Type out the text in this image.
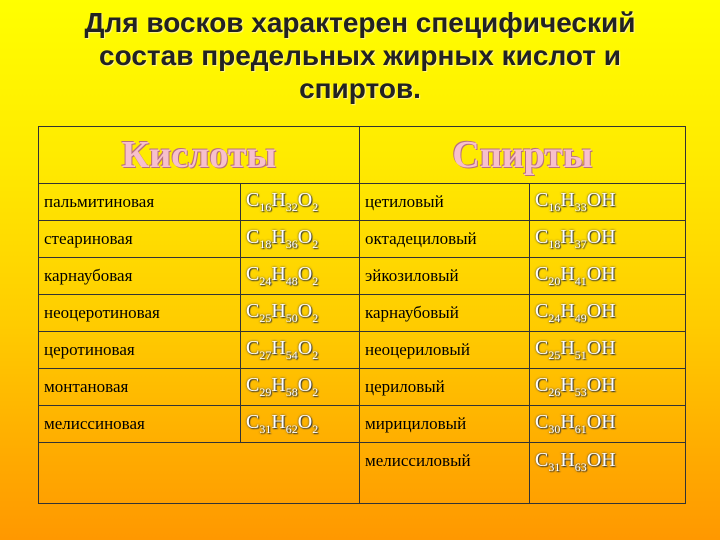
Для восков характерен специфический состав предельных жирных кислот и спиртов.
Кислоты		Спирты	
пальмитиновая	$C_{16}H_{32}O_2$	цетиловый	$C_{16}H_{33}OH$
стеариновая	$C_{18}H_{36}O_2$	октадециловый	$C_{18}H_{37}OH$
карнаубовая	$C_{24}H_{48}O_2$	эйкозиловый	$C_{20}H_{41}OH$
неоцеротиновая	$C_{25}H_{50}O_2$	карнаубовый	$C_{24}H_{49}OH$
церотиновая	$C_{27}H_{54}O_2$	неоцериловый	$C_{25}H_{51}OH$
монтановая	$C_{29}H_{58}O_2$	цериловый	$C_{26}H_{53}OH$
мелиссиновая	$C_{31}H_{62}O_2$	мирициловый	$C_{30}H_{61}OH$
		мелиссиловый	$C_{31}H_{63}OH$
